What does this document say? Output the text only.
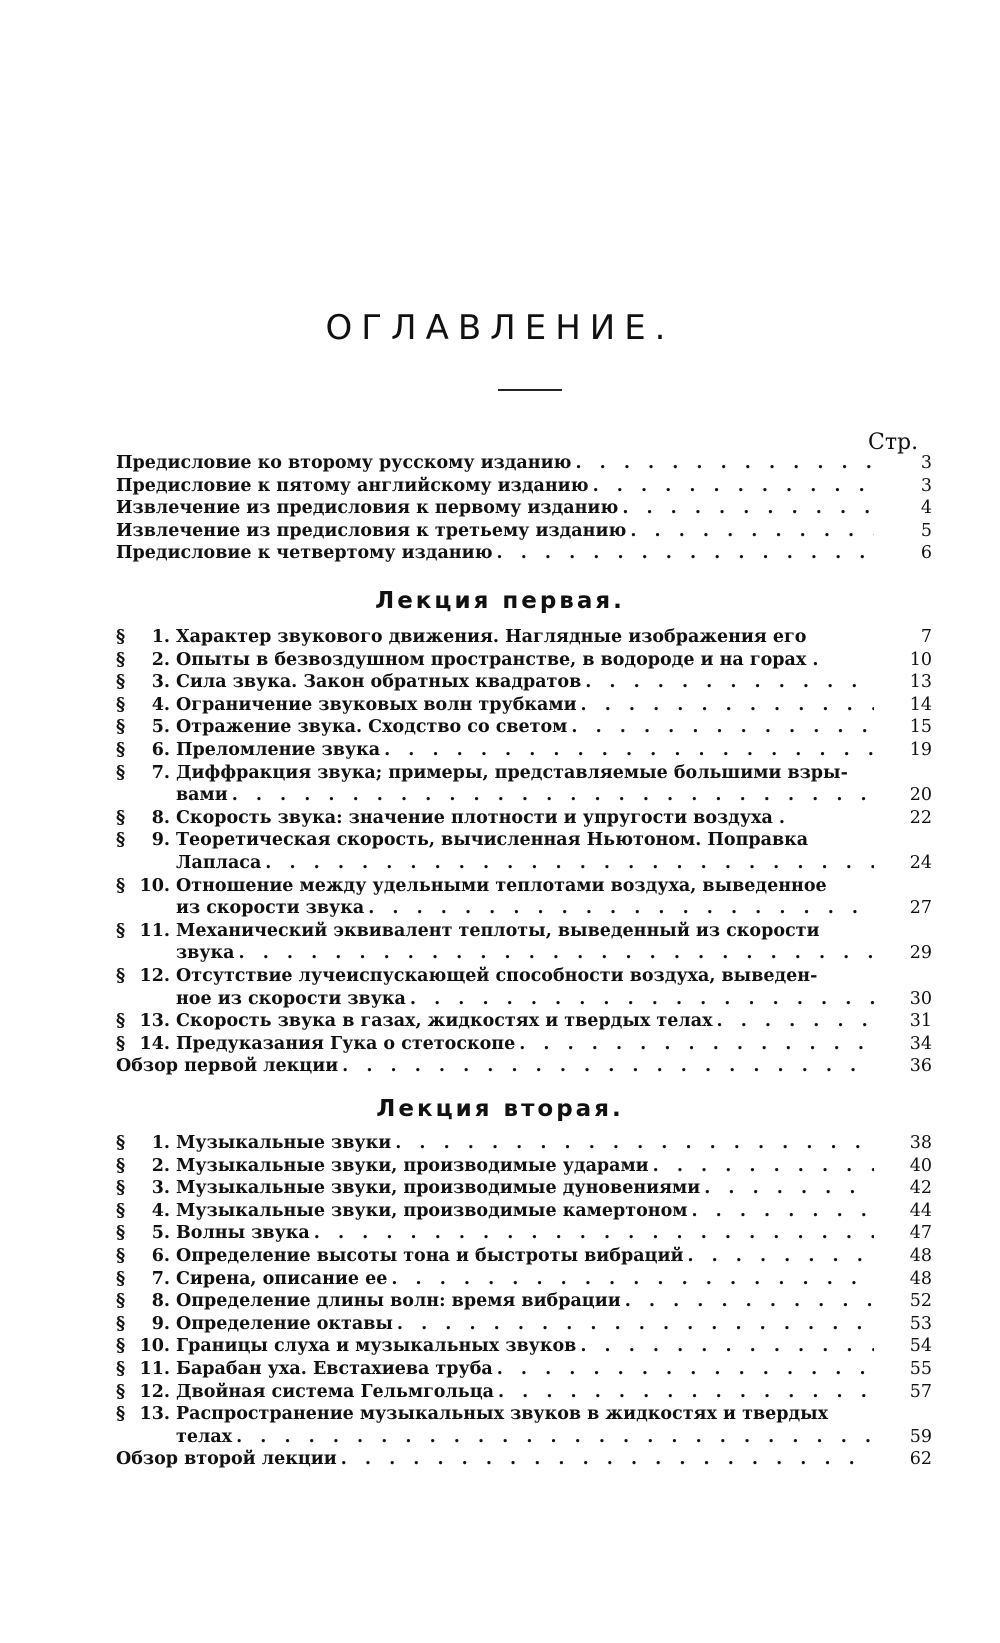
ОГЛАВЛЕНИЕ.
Стр.
Предисловие ко второму русскому изданию . . .	3
Предисловие к пятому английскому изданию . . .	3
Извлечение из предисловия к первому изданию . . .	4
Извлечение из предисловия к третьему изданию . . .	5
Предисловие к четвертому изданию . . .	6
Лекция первая.
§	1. Характер звукового движения. Наглядные изображения его	7
§	2. Опыты в безвоздушном пространстве, в водороде и на горах .	10
§	3. Сила звука. Закон обратных квадратов . . .	13
§	4. Ограничение звуковых волн трубками . . .	14
§	5. Отражение звука. Сходство со светом . . .	15
§	6. Преломление звука . . .	19
§	7. Диффракция звука; примеры, представляемые большими взры-
вами . . .	20
§	8. Скорость звука: значение плотности и упругости воздуха .	22
§	9. Теоретическая скорость, вычисленная Ньютоном. Поправка
Лапласа . . .	24
§ 10. Отношение между удельными теплотами воздуха, выведенное
из скорости звука . . .	27
§ 11. Механический эквивалент теплоты, выведенный из скорости
звука . . .	29
§ 12. Отсутствие лучеиспускающей способности воздуха, выведен-
ное из скорости звука . . .	30
§ 13. Скорость звука в газах, жидкостях и твердых телах . . .	31
§ 14. Предуказания Гука о стетоскопе . . .	34
Обзор первой лекции . . .	36
Лекция вторая.
§	1. Музыкальные звуки . . .	38
§	2. Музыкальные звуки, производимые ударами . . .	40
§	3. Музыкальные звуки, производимые дуновениями . . .	42
§	4. Музыкальные звуки, производимые камертоном . . .	44
§	5. Волны звука . . .	47
§	6. Определение высоты тона и быстроты вибраций . . .	48
§	7. Сирена, описание ее . . .	48
§	8. Определение длины волн: время вибрации . . .	52
§	9. Определение октавы . . .	53
§ 10. Границы слуха и музыкальных звуков . . .	54
§ 11. Барабан уха. Евстахиева труба . . .	55
§ 12. Двойная система Гельмгольца . . .	57
§ 13. Распространение музыкальных звуков в жидкостях и твердых
телах . . .	59
Обзор второй лекции . . .	62
